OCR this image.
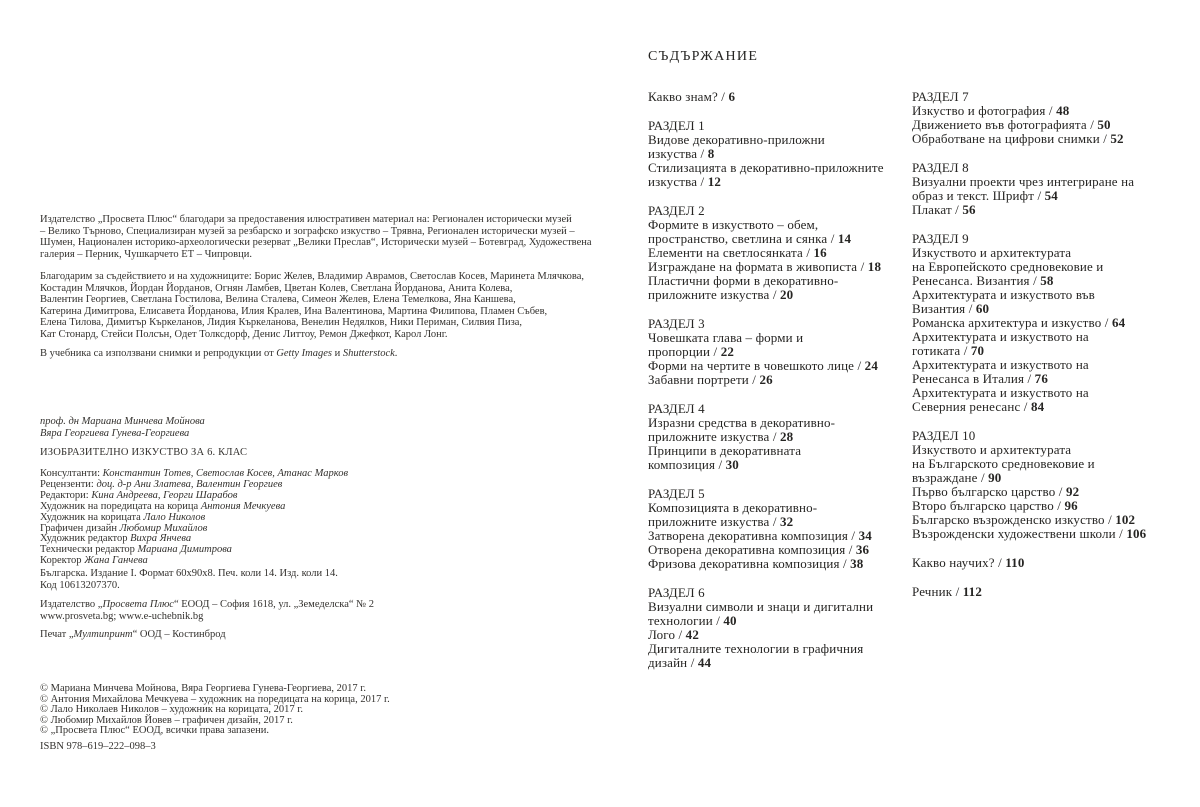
Издателство „Просвета Плюс“ благодари за предоставения илюстративен материал на: Регионален исторически музей
– Велико Търново, Специализиран музей за резбарско и зографско изкуство – Трявна, Регионален исторически музей –
Шумен, Национален историко-археологически резерват „Велики Преслав“, Исторически музей – Ботевград, Художествена
галерия – Перник, Чушкарчето ЕТ – Чипровци.
Благодарим за съдействието и на художниците: Борис Желев, Владимир Аврамов, Светослав Косев, Маринета Млячкова,
Костадин Млячков, Йордан Йорданов, Огнян Ламбев, Цветан Колев, Светлана Йорданова, Анита Колева,
Валентин Георгиев, Светлана Гостилова, Велина Сталева, Симеон Желев, Елена Темелкова, Яна Каншева,
Катерина Димитрова, Елисавета Йорданова, Илия Кралев, Ина Валентинова, Мартина Филипова, Пламен Събев,
Елена Тилова, Димитър Къркеланов, Лидия Къркеланова, Венелин Недялков, Ники Периман, Силвия Пиза,
Кат Стонард, Стейси Полсън, Одет Толксдорф, Денис Литтоу, Ремон Джефкот, Карол Лонг.
В учебника са използвани снимки и репродукции от Getty Images и Shutterstock.
проф. дн Мариана Минчева Мойнова
Вяра Георгиева Гунева-Георгиева
ИЗОБРАЗИТЕЛНО ИЗКУСТВО ЗА 6. КЛАС
Консултанти: Константин Тотев, Светослав Косев, Атанас Марков
Рецензенти: доц. д-р Ани Златева, Валентин Георгиев
Редактори: Кина Андреева, Георги Шарабов
Художник на поредицата на корица Антония Мечкуева
Художник на корицата Лало Николов
Графичен дизайн Любомир Михайлов
Художник редактор Вихра Янчева
Технически редактор Мариана Димитрова
Коректор Жана Ганчева
Българска. Издание I. Формат 60х90х8. Печ. коли 14. Изд. коли 14.
Код 10613207370.
Издателство „Просвета Плюс“ ЕООД – София 1618, ул. „Земеделска“ № 2
www.prosveta.bg; www.e-uchebnik.bg
Печат „Мултипринт“ ООД – Костинброд
© Мариана Минчева Мойнова, Вяра Георгиева Гунева-Георгиева, 2017 г.
© Антония Михайлова Мечкуева – художник на поредицата на корица, 2017 г.
© Лало Николаев Николов – художник на корицата, 2017 г.
© Любомир Михайлов Йовев – графичен дизайн, 2017 г.
© „Просвета Плюс“ ЕООД, всички права запазени.
ISBN 978–619–222–098–3
СЪДЪРЖАНИЕ
Какво знам? / 6
РАЗДЕЛ 1
Видове декоративно-приложни
изкуства / 8
Стилизацията в декоративно-приложните
изкуства / 12
РАЗДЕЛ 2
Формите в изкуството – обем,
пространство, светлина и сянка / 14
Елементи на светлосянката / 16
Изграждане на формата в живописта / 18
Пластични форми в декоративно-
приложните изкуства / 20
РАЗДЕЛ 3
Човешката глава – форми и
пропорции / 22
Форми на чертите в човешкото лице / 24
Забавни портрети / 26
РАЗДЕЛ 4
Изразни средства в декоративно-
приложните изкуства / 28
Принципи в декоративната
композиция / 30
РАЗДЕЛ 5
Композицията в декоративно-
приложните изкуства / 32
Затворена декоративна композиция / 34
Отворена декоративна композиция / 36
Фризова декоративна композиция / 38
РАЗДЕЛ 6
Визуални символи и знаци и дигитални
технологии / 40
Лого / 42
Дигиталните технологии в графичния
дизайн / 44
РАЗДЕЛ 7
Изкуство и фотография / 48
Движението във фотографията / 50
Обработване на цифрови снимки / 52
РАЗДЕЛ 8
Визуални проекти чрез интегриране на
образ и текст. Шрифт / 54
Плакат / 56
РАЗДЕЛ 9
Изкуството и архитектурата
на Европейското средновековие и
Ренесанса. Византия / 58
Архитектурата и изкуството във
Византия / 60
Романска архитектура и изкуство / 64
Архитектурата и изкуството на
готиката / 70
Архитектурата и изкуството на
Ренесанса в Италия / 76
Архитектурата и изкуството на
Северния ренесанс / 84
РАЗДЕЛ 10
Изкуството и архитектурата
на Българското средновековие и
възраждане / 90
Първо българско царство / 92
Второ българско царство / 96
Българско възрожденско изкуство / 102
Възрожденски художествени школи / 106
Какво научих? / 110
Речник / 112
